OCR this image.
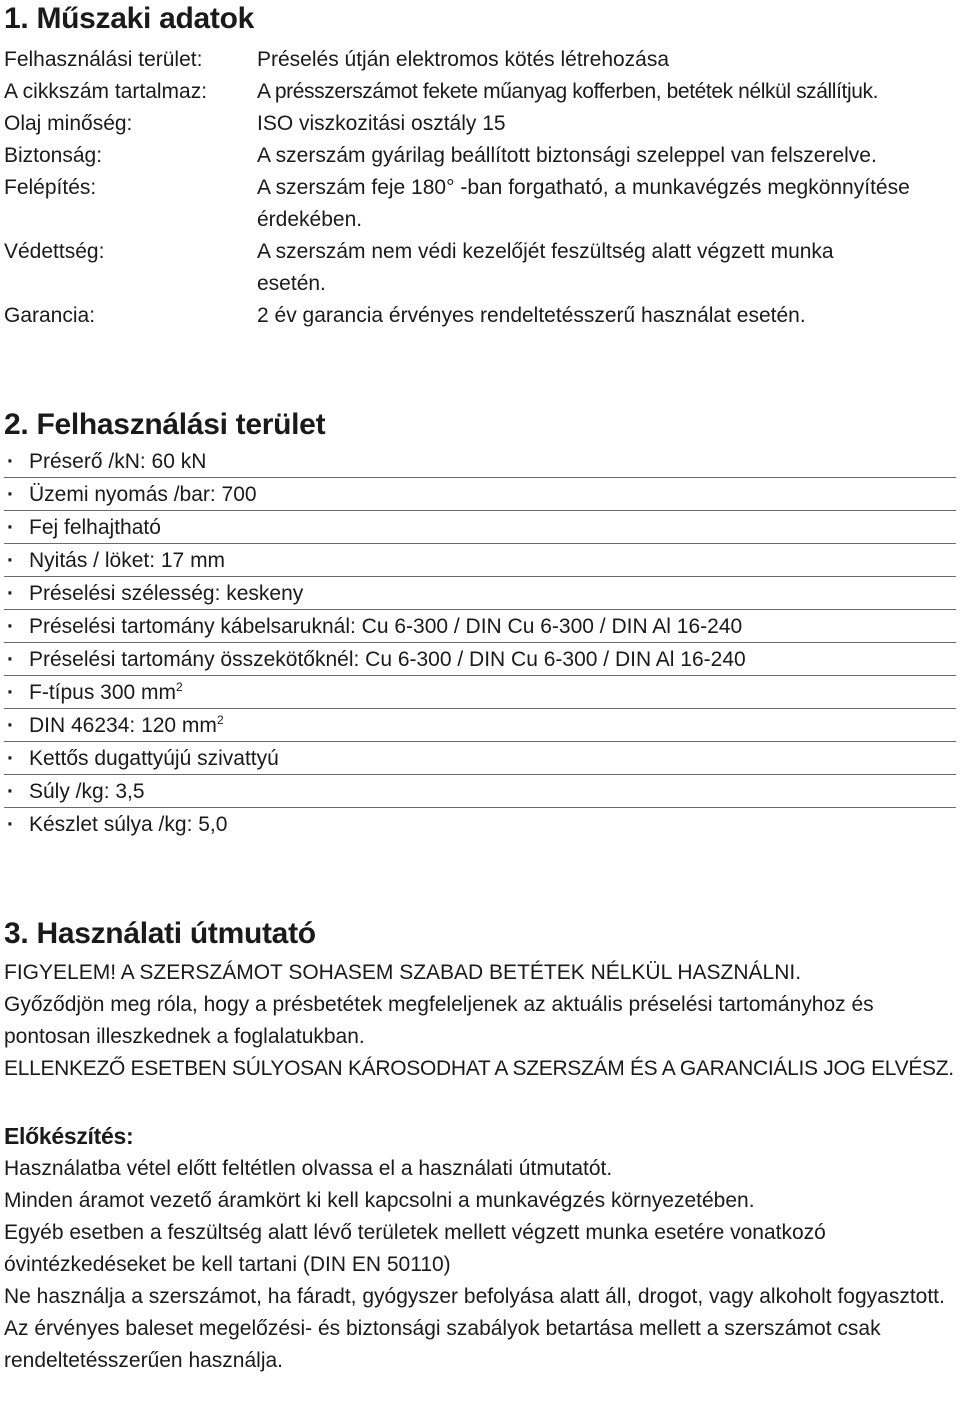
1. Műszaki adatok
Felhasználási terület:	Préselés útján elektromos kötés létrehozása
A cikkszám tartalmaz:	A présszerszámot fekete műanyag kofferben, betétek nélkül szállítjuk.
Olaj minőség:	ISO viszkozitási osztály 15
Biztonság:	A szerszám gyárilag beállított biztonsági szeleppel van felszerelve.
Felépítés:	A szerszám feje 180° -ban forgatható, a munkavégzés megkönnyítése érdekében.
Védettség:	A szerszám nem védi kezelőjét feszültség alatt végzett munka esetén.
Garancia:	2 év garancia érvényes rendeltetésszerű használat esetén.
2. Felhasználási terület
· Préserő /kN: 60 kN
· Üzemi nyomás /bar: 700
· Fej felhajtható
· Nyitás / löket: 17 mm
· Préselési szélesség: keskeny
· Préselési tartomány kábelsaruknál: Cu 6-300 / DIN Cu 6-300 / DIN Al 16-240
· Préselési tartomány összekötőknél: Cu 6-300 / DIN Cu 6-300 / DIN Al 16-240
· F-típus 300 $mm^2$
· DIN 46234: 120 $mm^2$
· Kettős dugattyújú szivattyú
· Súly /kg: 3,5
· Készlet súlya /kg: 5,0
3. Használati útmutató

FIGYELEM! A SZERSZÁMOT SOHASEM SZABAD BETÉTEK NÉLKÜL HASZNÁLNI.

Győződjön meg róla, hogy a présbetétek megfeleljenek az aktuális préselési tartományhoz és pontosan illeszkednek a foglalatukban.

ELLENKEZŐ ESETBEN SÚLYOSAN KÁROSODHAT A SZERSZÁM ÉS A GARANCIÁLIS JOG ELVÉSZ.

Előkészítés:

Használatba vétel előtt feltétlen olvassa el a használati útmutatót.

Minden áramot vezető áramkört ki kell kapcsolni a munkavégzés környezetében.

Egyéb esetben a feszültség alatt lévő területek mellett végzett munka esetére vonatkozó óvintézkedéseket be kell tartani (DIN EN 50110)

Ne használja a szerszámot, ha fáradt, gyógyszer befolyása alatt áll, drogot, vagy alkoholt fogyasztott.

Az érvényes baleset megelőzési- és biztonsági szabályok betartása mellett a szerszámot csak rendeltetésszerűen használja.
